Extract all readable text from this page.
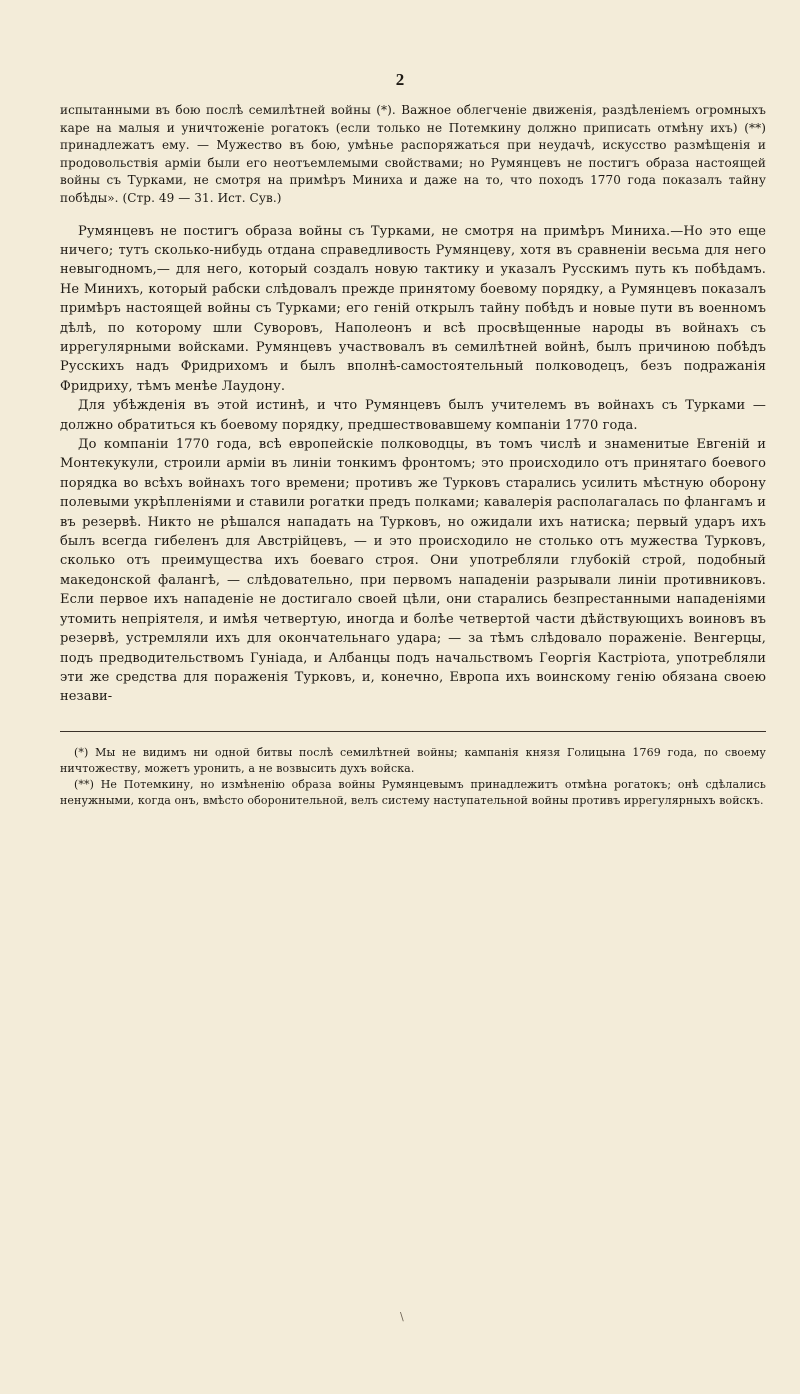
2

испытанными въ бою послѣ семилѣтней войны (*). Важное облегченіе движенія, раздѣленіемъ огромныхъ каре на малыя и уничтоженіе рогатокъ (если только не Потемкину должно приписать отмѣну ихъ) (**) принадлежатъ ему. — Мужество въ бою, умѣнье распоряжаться при неудачѣ, искусство размѣщенія и продовольствія арміи были его неотъемлемыми свойствами; но Румянцевъ не постигъ образа настоящей войны съ Турками, не смотря на примѣръ Миниха и даже на то, что походъ 1770 года показалъ тайну побѣды». (Стр. 49 — 31. Ист. Сув.)

Румянцевъ не постигъ образа войны съ Турками, не смотря на примѣръ Миниха.—Но это еще ничего; тутъ сколько-нибудь отдана справедливость Румянцеву, хотя въ сравненіи весьма для него невыгодномъ,— для него, который создалъ новую тактику и указалъ Русскимъ путь къ побѣдамъ. Не Минихъ, который рабски слѣдовалъ прежде принятому боевому порядку, а Румянцевъ показалъ примѣръ настоящей войны съ Турками; его геній открылъ тайну побѣдъ и новые пути въ военномъ дѣлѣ, по которому шли Суворовъ, Наполеонъ и всѣ просвѣщенные народы въ войнахъ съ иррегулярными войсками. Румянцевъ участвовалъ въ семилѣтней войнѣ, былъ причиною побѣдъ Русскихъ надъ Фридрихомъ и былъ вполнѣ-самостоятельный полководецъ, безъ подражанія Фридриху, тѣмъ менѣе Лаудону.

Для убѣжденія въ этой истинѣ, и что Румянцевъ былъ учителемъ въ войнахъ съ Турками — должно обратиться къ боевому порядку, предшествовавшему компаніи 1770 года.

До компаніи 1770 года, всѣ европейскіе полководцы, въ томъ числѣ и знаменитые Евгеній и Монтекукули, строили арміи въ линіи тонкимъ фронтомъ; это происходило отъ принятаго боевого порядка во всѣхъ войнахъ того времени; противъ же Турковъ старались усилить мѣстную оборону полевыми укрѣпленіями и ставили рогатки предъ полками; кавалерія располагалась по флангамъ и въ резервѣ. Никто не рѣшался нападать на Турковъ, но ожидали ихъ натиска; первый ударъ ихъ былъ всегда гибеленъ для Австрійцевъ, — и это происходило не столько отъ мужества Турковъ, сколько отъ преимущества ихъ боеваго строя. Они употребляли глубокій строй, подобный македонской фалангѣ, — слѣдовательно, при первомъ нападеніи разрывали линіи противниковъ. Если первое ихъ нападеніе не достигало своей цѣли, они старались безпрестанными нападеніями утомить непріятеля, и имѣя четвертую, иногда и болѣе четвертой части дѣйствующихъ воиновъ въ резервѣ, устремляли ихъ для окончательнаго удара; — за тѣмъ слѣдовало пораженіе. Венгерцы, подъ предводительствомъ Гуніада, и Албанцы подъ начальствомъ Георгія Кастріота, употребляли эти же средства для пораженія Турковъ, и, конечно, Европа ихъ воинскому генію обязана своею незави-

(*) Мы не видимъ ни одной битвы послѣ семилѣтней войны; кампанія князя Голицына 1769 года, по своему ничтожеству, можетъ уронить, а не возвысить духъ войска.

(**) Не Потемкину, но измѣненію образа войны Румянцевымъ принадлежитъ отмѣна рогатокъ; онѣ сдѣлались ненужными, когда онъ, вмѣсто оборонительной, велъ систему наступательной войны противъ иррегулярныхъ войскъ.

\
